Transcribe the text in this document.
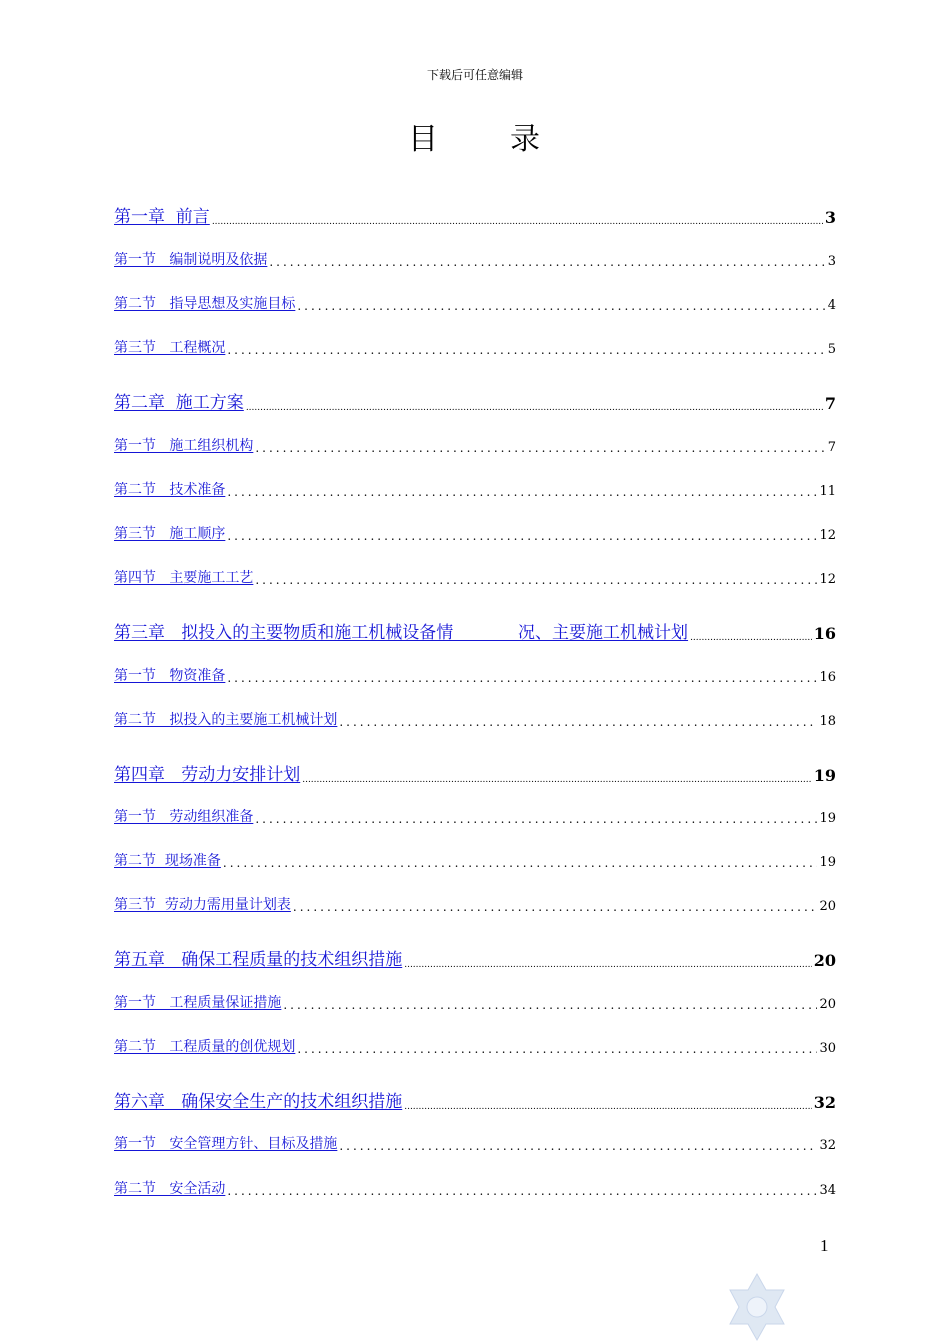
下载后可任意编辑
目 录
第一章  前言 .....	3
第一节   编制说明及依据 .....	3
第二节   指导思想及实施目标 .....	4
第三节   工程概况 .....	5
第二章  施工方案 .....	7
第一节   施工组织机构 .....	7
第二节   技术准备 .....	11
第三节   施工顺序 .....	12
第四节   主要施工工艺 .....	12
第三章   拟投入的主要物质和施工机械设备情            况、主要施工机械计划 .....	16
第一节   物资准备 .....	16
第二节   拟投入的主要施工机械计划 .....	18
第四章   劳动力安排计划 .....	19
第一节   劳动组织准备 .....	19
第二节  现场准备 .....	19
第三节  劳动力需用量计划表 .....	20
第五章   确保工程质量的技术组织措施 .....	20
第一节   工程质量保证措施 .....	20
第二节   工程质量的创优规划 .....	30
第六章   确保安全生产的技术组织措施 .....	32
第一节   安全管理方针、目标及措施 .....	32
第二节   安全活动 .....	34
1
